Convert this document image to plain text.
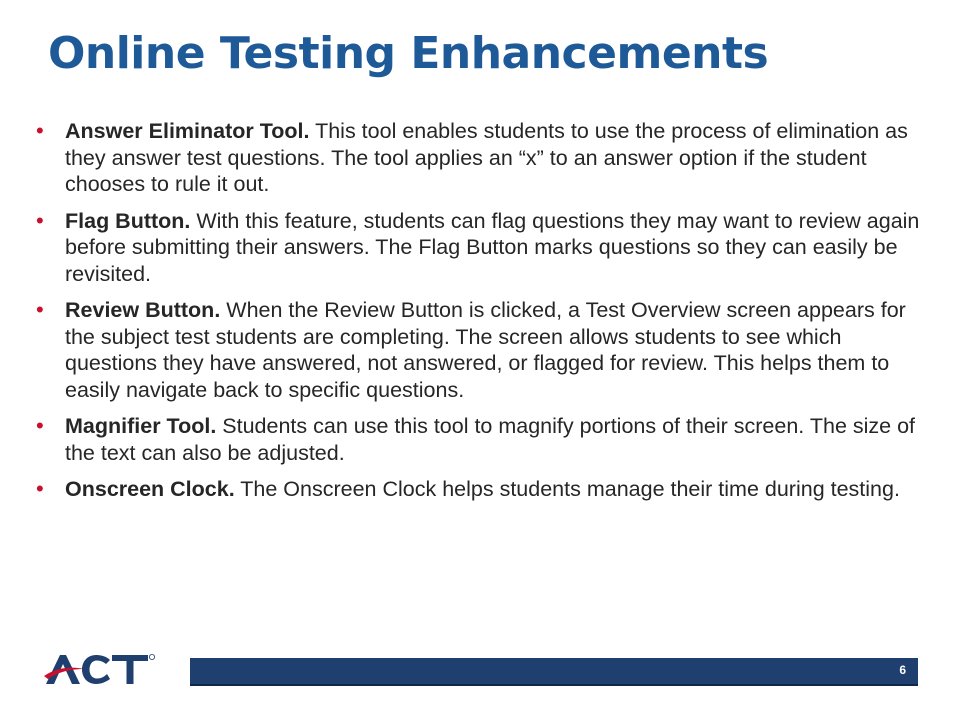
Online Testing Enhancements
• Answer Eliminator Tool. This tool enables students to use the process of elimination as they answer test questions. The tool applies an “x” to an answer option if the student chooses to rule it out.
• Flag Button. With this feature, students can flag questions they may want to review again before submitting their answers. The Flag Button marks questions so they can easily be revisited.
• Review Button. When the Review Button is clicked, a Test Overview screen appears for the subject test students are completing. The screen allows students to see which questions they have answered, not answered, or flagged for review. This helps them to easily navigate back to specific questions.
• Magnifier Tool. Students can use this tool to magnify portions of their screen. The size of the text can also be adjusted.
• Onscreen Clock. The Onscreen Clock helps students manage their time during testing.
6
